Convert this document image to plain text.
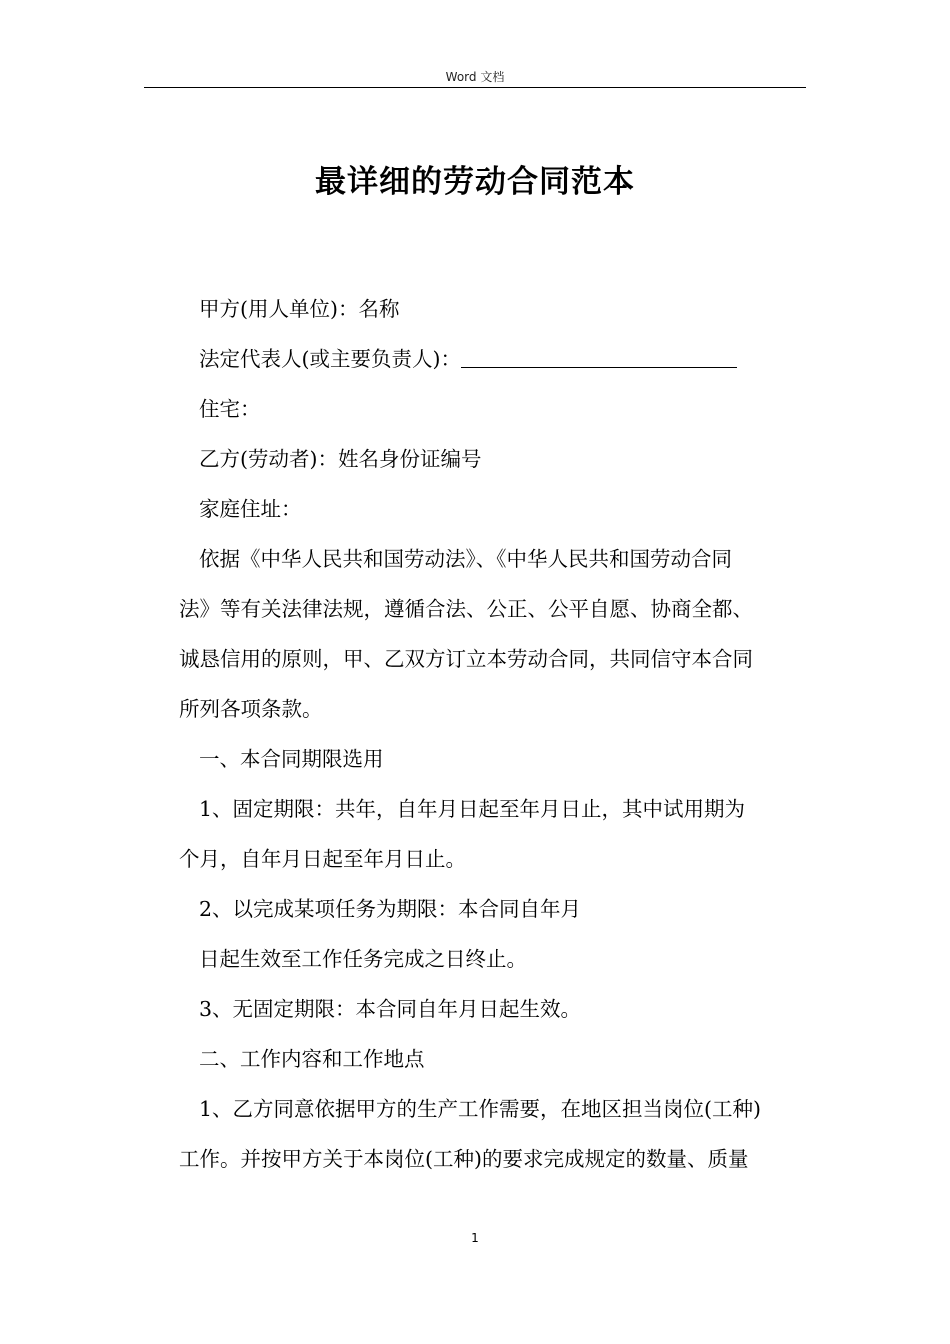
Word 文档
最详细的劳动合同范本
甲方(用人单位)：名称
法定代表人(或主要负责人)：
住宅：
乙方(劳动者)：姓名身份证编号
家庭住址：
依据《中华人民共和国劳动法》、《中华人民共和国劳动合同
法》等有关法律法规，遵循合法、公正、公平自愿、协商全都、
诚恳信用的原则，甲、乙双方订立本劳动合同，共同信守本合同
所列各项条款。
一、本合同期限选用
1、固定期限：共年，自年月日起至年月日止，其中试用期为
个月，自年月日起至年月日止。
2、以完成某项任务为期限：本合同自年月
日起生效至工作任务完成之日终止。
3、无固定期限：本合同自年月日起生效。
二、工作内容和工作地点
1、乙方同意依据甲方的生产工作需要，在地区担当岗位(工种)
工作。并按甲方关于本岗位(工种)的要求完成规定的数量、质量
1
